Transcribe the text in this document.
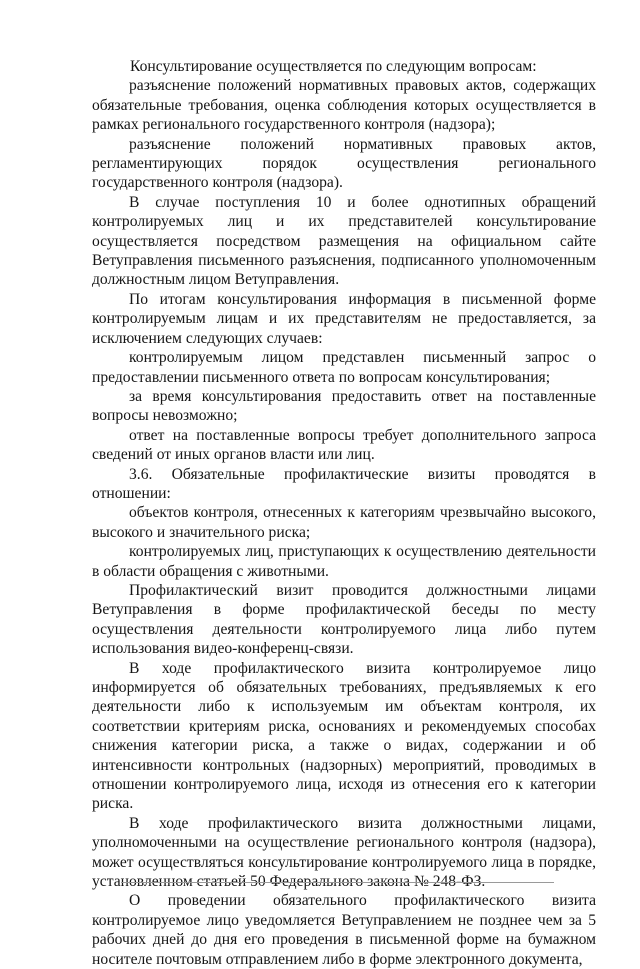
Консультирование осуществляется по следующим вопросам:

разъяснение положений нормативных правовых актов, содержащих обязательные требования, оценка соблюдения которых осуществляется в рамках регионального государственного контроля (надзора);

разъяснение положений нормативных правовых актов, регламентирующих порядок осуществления регионального государственного контроля (надзора).

В случае поступления 10 и более однотипных обращений контролируемых лиц и их представителей консультирование осуществляется посредством размещения на официальном сайте Ветуправления письменного разъяснения, подписанного уполномоченным должностным лицом Ветуправления.

По итогам консультирования информация в письменной форме контролируемым лицам и их представителям не предоставляется, за исключением следующих случаев:

контролируемым лицом представлен письменный запрос о предоставлении письменного ответа по вопросам консультирования;

за время консультирования предоставить ответ на поставленные вопросы невозможно;

ответ на поставленные вопросы требует дополнительного запроса сведений от иных органов власти или лиц.

3.6. Обязательные профилактические визиты проводятся в отношении:

объектов контроля, отнесенных к категориям чрезвычайно высокого, высокого и значительного риска;

контролируемых лиц, приступающих к осуществлению деятельности в области обращения с животными.

Профилактический визит проводится должностными лицами Ветуправления в форме профилактической беседы по месту осуществления деятельности контролируемого лица либо путем использования видео-конференц-связи.

В ходе профилактического визита контролируемое лицо информируется об обязательных требованиях, предъявляемых к его деятельности либо к используемым им объектам контроля, их соответствии критериям риска, основаниях и рекомендуемых способах снижения категории риска, а также о видах, содержании и об интенсивности контрольных (надзорных) мероприятий, проводимых в отношении контролируемого лица, исходя из отнесения его к категории риска.

В ходе профилактического визита должностными лицами, уполномоченными на осуществление регионального контроля (надзора), может осуществляться консультирование контролируемого лица в порядке, установленном статьей 50 Федерального закона № 248-ФЗ.

О проведении обязательного профилактического визита контролируемое лицо уведомляется Ветуправлением не позднее чем за 5 рабочих дней до дня его проведения в письменной форме на бумажном носителе почтовым отправлением либо в форме электронного документа,
